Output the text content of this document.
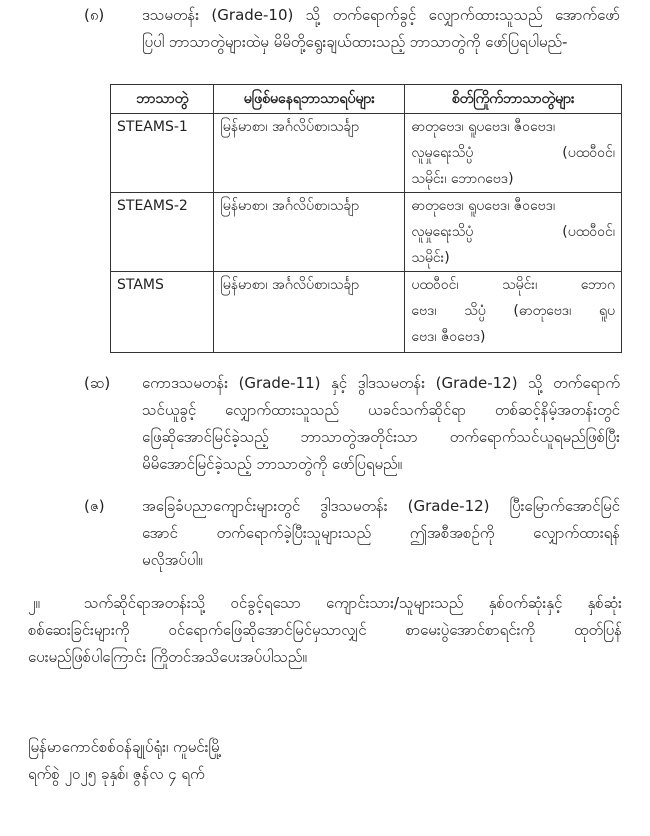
(၈)	ဒသမတန်း (Grade-10) သို့ တက်ရောက်ခွင့် လျှောက်ထားသူသည် အောက်ဖော်
ပြပါ ဘာသာတွဲများထဲမှ မိမိတို့ရွေးချယ်ထားသည့် ဘာသာတွဲကို ဖော်ပြရပါမည်-
ဘာသာတွဲ	မဖြစ်မနေရဘာသာရပ်များ	စိတ်ကြိုက်ဘာသာတွဲများ
STEAMS-1	မြန်မာစာ၊ အင်္ဂလိပ်စာ၊သင်္ချာ	ဓာတုဗေဒ၊ ရူပဗေဒ၊ ဇီဝဗေဒ၊
လူမှုရေးသိပ္ပံ (ပထဝီဝင်၊
သမိုင်း၊ ဘောဂဗေဒ)

STEAMS-2	မြန်မာစာ၊ အင်္ဂလိပ်စာ၊သင်္ချာ	ဓာတုဗေဒ၊ ရူပဗေဒ၊ ဇီဝဗေဒ၊
လူမှုရေးသိပ္ပံ (ပထဝီဝင်၊
သမိုင်း)

STAMS	မြန်မာစာ၊ အင်္ဂလိပ်စာ၊သင်္ချာ	ပထဝီဝင်၊ သမိုင်း၊ ဘောဂ
ဗေဒ၊ သိပ္ပံ (ဓာတုဗေဒ၊ ရူပ
ဗေဒ၊ ဇီဝဗေဒ)
(ဆ) ကောဒသမတန်း (Grade-11) နှင့် ဒွါဒသမတန်း (Grade-12) သို့ တက်ရောက်
သင်ယူခွင့် လျှောက်ထားသူသည် ယခင်သက်ဆိုင်ရာ တစ်ဆင့်နိမ့်အတန်းတွင်
ဖြေဆိုအောင်မြင်ခဲ့သည့် ဘာသာတွဲအတိုင်းသာ တက်ရောက်သင်ယူရမည်ဖြစ်ပြီး
မိမိအောင်မြင်ခဲ့သည့် ဘာသာတွဲကို ဖော်ပြရမည်။
(ဇ) အခြေခံပညာကျောင်းများတွင် ဒွါဒသမတန်း (Grade-12) ပြီးမြောက်အောင်မြင်
အောင် တက်ရောက်ခဲ့ပြီးသူများသည် ဤအစီအစဉ်ကို လျှောက်ထားရန်
မလိုအပ်ပါ။
၂။	သက်ဆိုင်ရာအတန်းသို့ ဝင်ခွင့်ရသော ကျောင်းသား/သူများသည် နှစ်ဝက်ဆုံးနှင့် နှစ်ဆုံး
စစ်ဆေးခြင်းများကို ဝင်ရောက်ဖြေဆိုအောင်မြင်မှသာလျှင် စာမေးပွဲအောင်စာရင်းကို ထုတ်ပြန်
ပေးမည်ဖြစ်ပါကြောင်း ကြိုတင်အသိပေးအပ်ပါသည်။
မြန်မာကောင်စစ်ဝန်ချုပ်ရုံး၊ ကူမင်းမြို့
ရက်စွဲ ၂၀၂၅ ခုနှစ်၊ ဇွန်လ ၄ ရက်
